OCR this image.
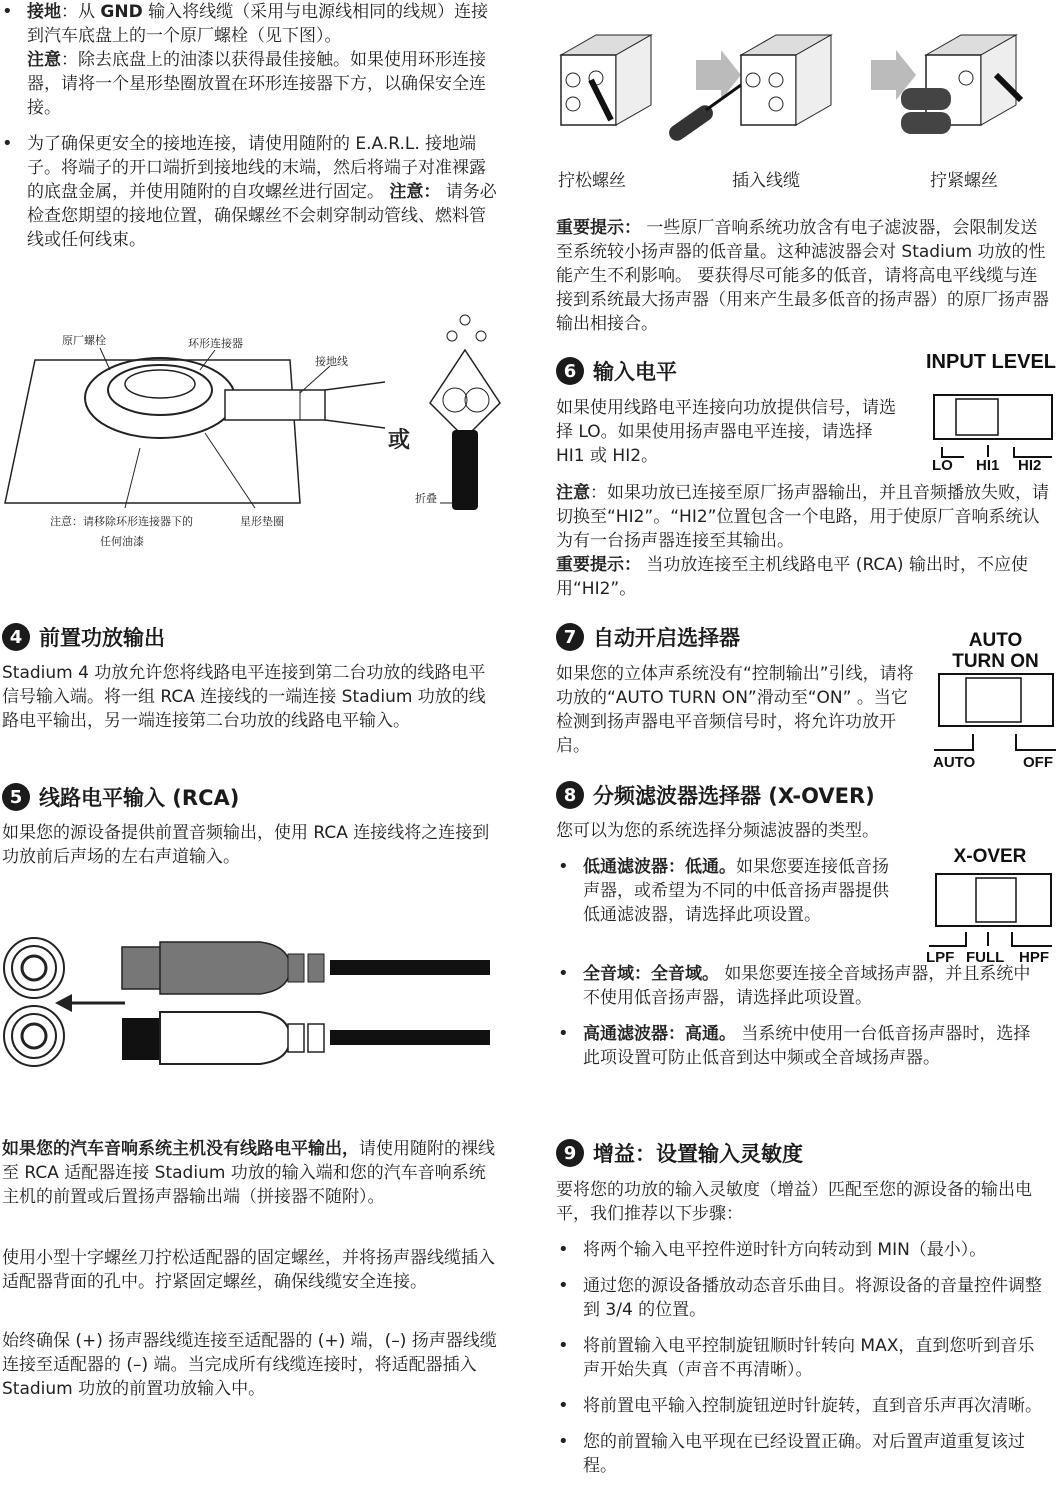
• 接地：从 GND 输入将线缆（采用与电源线相同的线规）连接到汽车底盘上的一个原厂螺栓（见下图）。
注意：除去底盘上的油漆以获得最佳接触。如果使用环形连接器，请将一个星形垫圈放置在环形连接器下方，以确保安全连接。
• 为了确保更安全的接地连接，请使用随附的 E.A.R.L. 接地端子。将端子的开口端折到接地线的末端，然后将端子对准裸露的底盘金属，并使用随附的自攻螺丝进行固定。 注意： 请务必检查您期望的接地位置，确保螺丝不会刺穿制动管线、燃料管线或任何线束。
原厂螺栓	环形连接器
接地线
或
折叠
注意：请移除环形连接器下的
任何油漆
星形垫圈
4 前置功放输出

Stadium 4 功放允许您将线路电平连接到第二台功放的线路电平信号输入端。将一组 RCA 连接线的一端连接 Stadium 功放的线路电平输出，另一端连接第二台功放的线路电平输入。

5 线路电平输入 (RCA)

如果您的源设备提供前置音频输出，使用 RCA 连接线将之连接到功放前后声场的左右声道输入。

如果您的汽车音响系统主机没有线路电平输出，请使用随附的裸线至 RCA 适配器连接 Stadium 功放的输入端和您的汽车音响系统主机的前置或后置扬声器输出端（拼接器不随附）。

使用小型十字螺丝刀拧松适配器的固定螺丝，并将扬声器线缆插入适配器背面的孔中。拧紧固定螺丝，确保线缆安全连接。

始终确保 (+) 扬声器线缆连接至适配器的 (+) 端，(–) 扬声器线缆连接至适配器的 (–) 端。当完成所有线缆连接时，将适配器插入 Stadium 功放的前置功放输入中。

拧松螺丝	插入线缆	拧紧螺丝

重要提示： 一些原厂音响系统功放含有电子滤波器，会限制发送至系统较小扬声器的低音量。这种滤波器会对 Stadium 功放的性能产生不利影响。 要获得尽可能多的低音，请将高电平线缆与连接到系统最大扬声器（用来产生最多低音的扬声器）的原厂扬声器输出相接合。

6 输入电平

如果使用线路电平连接向功放提供信号，请选择 LO。如果使用扬声器电平连接，请选择 HI1 或 HI2。

INPUT LEVEL
LO HI1 HI2

注意：如果功放已连接至原厂扬声器输出，并且音频播放失败，请切换至“HI2”。“HI2”位置包含一个电路，用于使原厂音响系统认为有一台扬声器连接至其输出。

重要提示： 当功放连接至主机线路电平 (RCA) 输出时，不应使用“HI2”。

7 自动开启选择器

如果您的立体声系统没有“控制输出”引线，请将功放的“AUTO TURN ON”滑动至“ON” 。当它检测到扬声器电平音频信号时，将允许功放开启。

AUTO
TURN ON
AUTO	OFF
8 分频滤波器选择器 (X-OVER)

您可以为您的系统选择分频滤波器的类型。

• 低通滤波器：低通。如果您要连接低音扬声器，或希望为不同的中低音扬声器提供低通滤波器，请选择此项设置。
• 全音域：全音域。 如果您要连接全音域扬声器，并且系统中不使用低音扬声器，请选择此项设置。
• 高通滤波器：高通。 当系统中使用一台低音扬声器时，选择此项设置可防止低音到达中频或全音域扬声器。
X-OVER
LPF FULL HPF
9 增益：设置输入灵敏度

要将您的功放的输入灵敏度（增益）匹配至您的源设备的输出电平，我们推荐以下步骤：

• 将两个输入电平控件逆时针方向转动到 MIN（最小）。
• 通过您的源设备播放动态音乐曲目。将源设备的音量控件调整到 3/4 的位置。
• 将前置输入电平控制旋钮顺时针转向 MAX，直到您听到音乐声开始失真（声音不再清晰）。
• 将前置电平输入控制旋钮逆时针旋转，直到音乐声再次清晰。
• 您的前置输入电平现在已经设置正确。对后置声道重复该过程。
